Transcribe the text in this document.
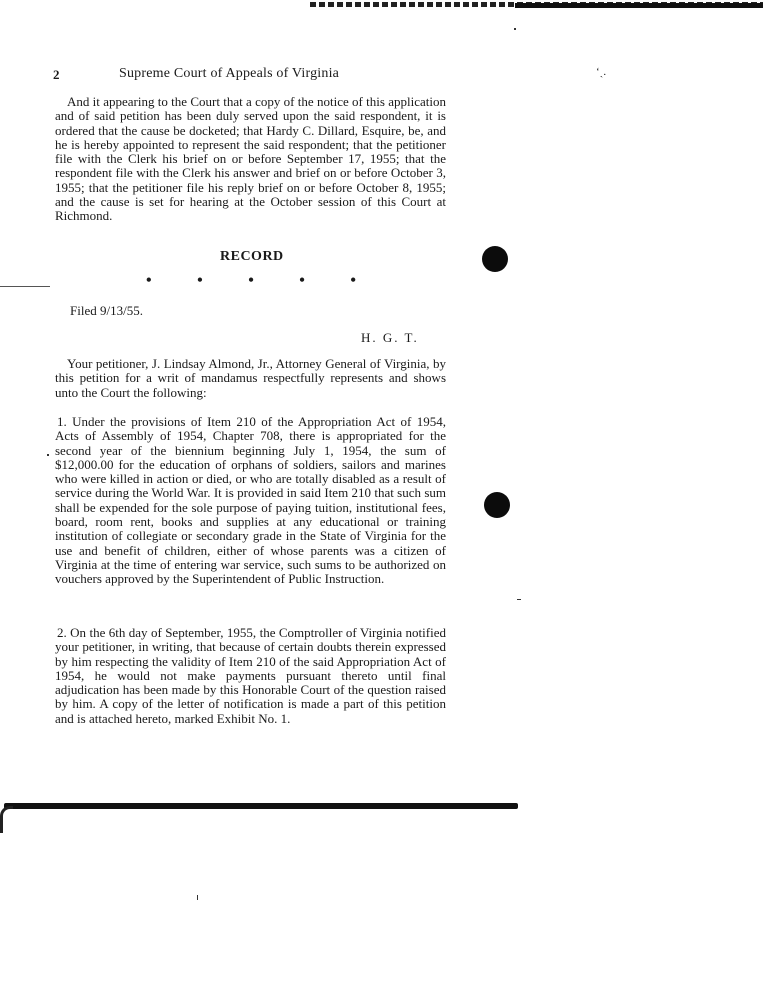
2	Supreme Court of Appeals of Virginia	‘ˎ.

And it appearing to the Court that a copy of the notice of this application and of said petition has been duly served upon the said respondent, it is ordered that the cause be docketed; that Hardy C. Dillard, Esquire, be, and he is hereby appointed to represent the said respondent; that the petitioner file with the Clerk his brief on or before September 17, 1955; that the respondent file with the Clerk his answer and brief on or before October 3, 1955; that the petitioner file his reply brief on or before October 8, 1955; and the cause is set for hearing at the October session of this Court at Richmond.

RECORD
•	•	•	•	•
Filed 9/13/55.
H. G. T.

Your petitioner, J. Lindsay Almond, Jr., Attorney General of Virginia, by this petition for a writ of mandamus respectfully represents and shows unto the Court the following:

1. Under the provisions of Item 210 of the Appropriation Act of 1954, Acts of Assembly of 1954, Chapter 708, there is appropriated for the second year of the biennium beginning July 1, 1954, the sum of $12,000.00 for the education of orphans of soldiers, sailors and marines who were killed in action or died, or who are totally disabled as a result of service during the World War. It is provided in said Item 210 that such sum shall be expended for the sole purpose of paying tuition, institutional fees, board, room rent, books and supplies at any educational or training institution of collegiate or secondary grade in the State of Virginia for the use and benefit of children, either of whose parents was a citizen of Virginia at the time of entering war service, such sums to be authorized on vouchers approved by the Superintendent of Public Instruction.

2. On the 6th day of September, 1955, the Comptroller of Virginia notified your petitioner, in writing, that because of certain doubts therein expressed by him respecting the validity of Item 210 of the said Appropriation Act of 1954, he would not make payments pursuant thereto until final adjudication has been made by this Honorable Court of the question raised by him. A copy of the letter of notification is made a part of this petition and is attached hereto, marked Exhibit No. 1.
